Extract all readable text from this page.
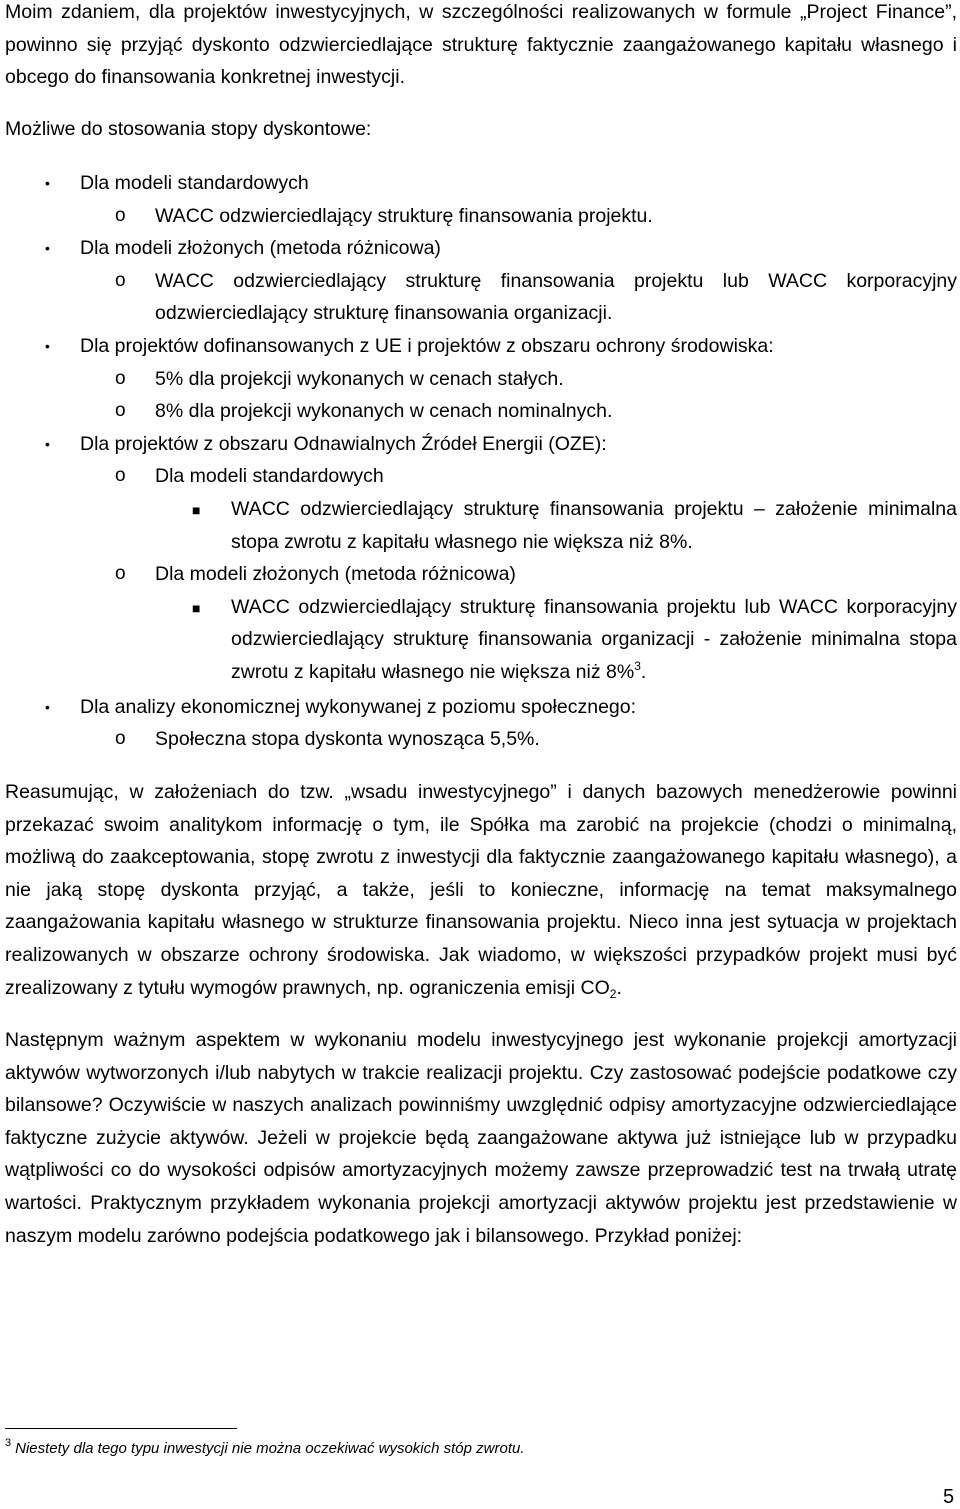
Moim zdaniem, dla projektów inwestycyjnych, w szczególności realizowanych w formule „Project Finance”, powinno się przyjąć dyskonto odzwierciedlające strukturę faktycznie zaangażowanego kapitału własnego i obcego do finansowania konkretnej inwestycji.

Możliwe do stosowania stopy dyskontowe:

• Dla modeli standardowych
o WACC odzwierciedlający strukturę finansowania projektu.
• Dla modeli złożonych (metoda różnicowa)
o WACC odzwierciedlający strukturę finansowania projektu lub WACC korporacyjny odzwierciedlający strukturę finansowania organizacji.
• Dla projektów dofinansowanych z UE i projektów z obszaru ochrony środowiska:
o 5% dla projekcji wykonanych w cenach stałych.
o 8% dla projekcji wykonanych w cenach nominalnych.
• Dla projektów z obszaru Odnawialnych Źródeł Energii (OZE):
o Dla modeli standardowych
■ WACC odzwierciedlający strukturę finansowania projektu – założenie minimalna stopa zwrotu z kapitału własnego nie większa niż 8%.
o Dla modeli złożonych (metoda różnicowa)
■ WACC odzwierciedlający strukturę finansowania projektu lub WACC korporacyjny odzwierciedlający strukturę finansowania organizacji - założenie minimalna stopa zwrotu z kapitału własnego nie większa niż 8%$^3$.
• Dla analizy ekonomicznej wykonywanej z poziomu społecznego:
o Społeczna stopa dyskonta wynosząca 5,5%.

Reasumując, w założeniach do tzw. „wsadu inwestycyjnego” i danych bazowych menedżerowie powinni przekazać swoim analitykom informację o tym, ile Spółka ma zarobić na projekcie (chodzi o minimalną, możliwą do zaakceptowania, stopę zwrotu z inwestycji dla faktycznie zaangażowanego kapitału własnego), a nie jaką stopę dyskonta przyjąć, a także, jeśli to konieczne, informację na temat maksymalnego zaangażowania kapitału własnego w strukturze finansowania projektu. Nieco inna jest sytuacja w projektach realizowanych w obszarze ochrony środowiska. Jak wiadomo, w większości przypadków projekt musi być zrealizowany z tytułu wymogów prawnych, np. ograniczenia emisji $CO_2$.

Następnym ważnym aspektem w wykonaniu modelu inwestycyjnego jest wykonanie projekcji amortyzacji aktywów wytworzonych i/lub nabytych w trakcie realizacji projektu. Czy zastosować podejście podatkowe czy bilansowe? Oczywiście w naszych analizach powinniśmy uwzględnić odpisy amortyzacyjne odzwierciedlające faktyczne zużycie aktywów. Jeżeli w projekcie będą zaangażowane aktywa już istniejące lub w przypadku wątpliwości co do wysokości odpisów amortyzacyjnych możemy zawsze przeprowadzić test na trwałą utratę wartości. Praktycznym przykładem wykonania projekcji amortyzacji aktywów projektu jest przedstawienie w naszym modelu zarówno podejścia podatkowego jak i bilansowego. Przykład poniżej:

$^3$ Niestety dla tego typu inwestycji nie można oczekiwać wysokich stóp zwrotu.

5
